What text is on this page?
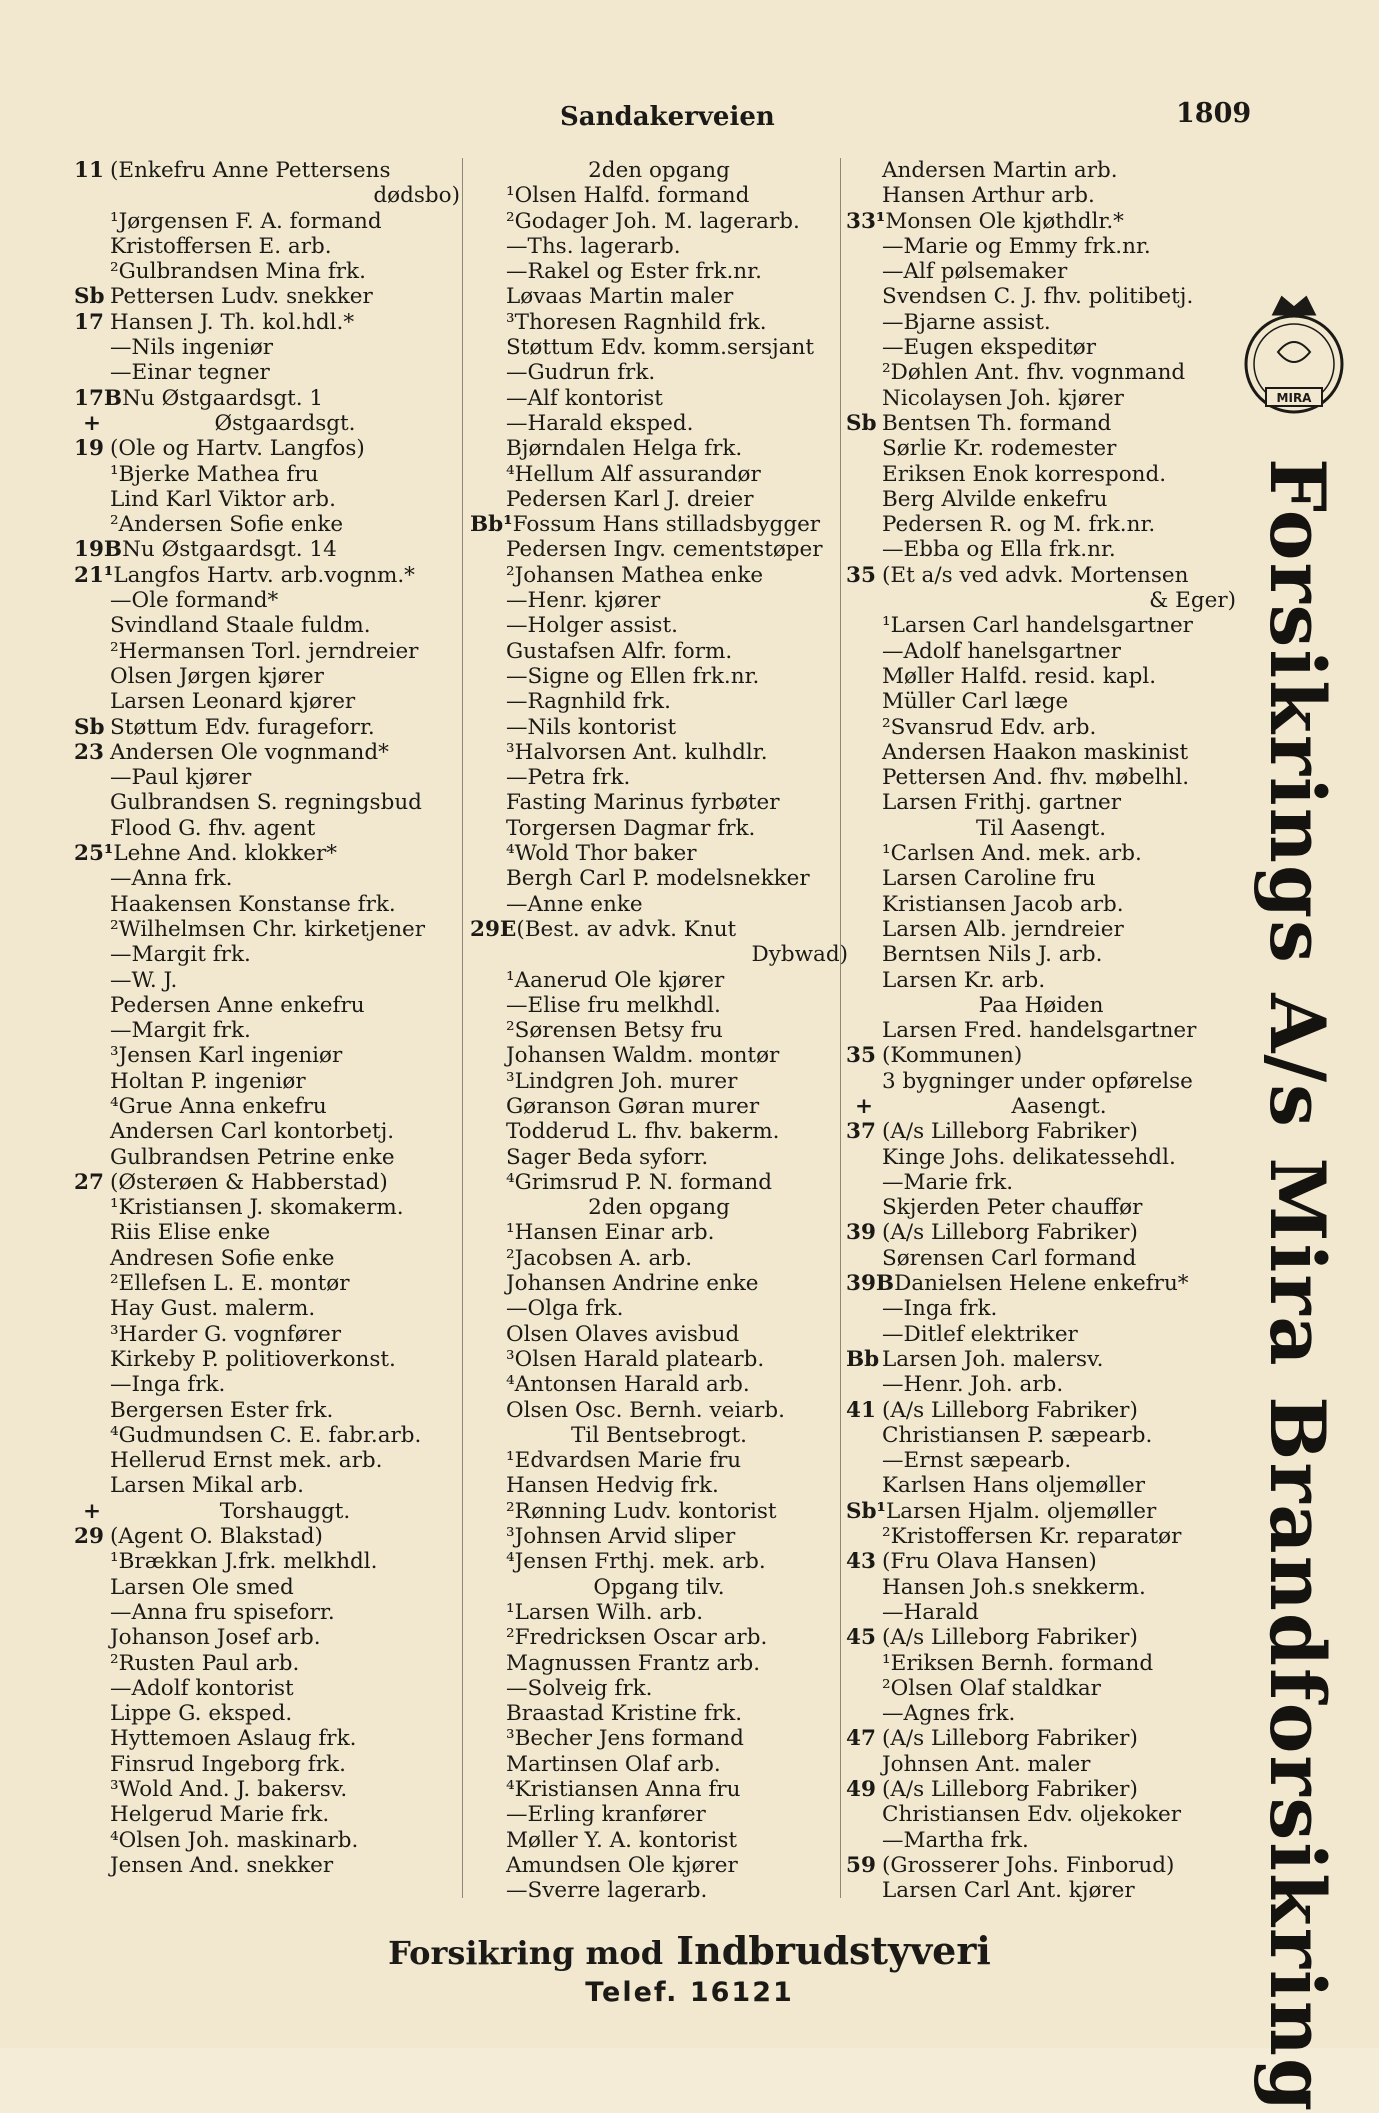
Sandakerveien	1809
11 (Enkefru Anne Pettersens
dødsbo)
¹Jørgensen F. A. formand
Kristoffersen E. arb.
²Gulbrandsen Mina frk.
Sb Pettersen Ludv. snekker
17 Hansen J. Th. kol.hdl.*
—Nils ingeniør
—Einar tegner
17BNu Østgaardsgt. 1
+	Østgaardsgt.
19 (Ole og Hartv. Langfos)
¹Bjerke Mathea fru
Lind Karl Viktor arb.
²Andersen Sofie enke
19BNu Østgaardsgt. 14
21¹Langfos Hartv. arb.vognm.*
—Ole formand*
Svindland Staale fuldm.
²Hermansen Torl. jerndreier
Olsen Jørgen kjører
Larsen Leonard kjører
Sb Støttum Edv. furageforr.
23 Andersen Ole vognmand*
—Paul kjører
Gulbrandsen S. regningsbud
Flood G. fhv. agent
25¹Lehne And. klokker*
—Anna frk.
Haakensen Konstanse frk.
²Wilhelmsen Chr. kirketjener
—Margit frk.
—W. J.
Pedersen Anne enkefru
—Margit frk.
³Jensen Karl ingeniør
Holtan P. ingeniør
⁴Grue Anna enkefru
Andersen Carl kontorbetj.
Gulbrandsen Petrine enke
27 (Østerøen & Habberstad)
¹Kristiansen J. skomakerm.
Riis Elise enke
Andresen Sofie enke
²Ellefsen L. E. montør
Hay Gust. malerm.
³Harder G. vognfører
Kirkeby P. politioverkonst.
—Inga frk.
Bergersen Ester frk.
⁴Gudmundsen C. E. fabr.arb.
Hellerud Ernst mek. arb.
Larsen Mikal arb.
+	Torshauggt.
29 (Agent O. Blakstad)
¹Brækkan J.frk. melkhdl.
Larsen Ole smed
—Anna fru spiseforr.
Johanson Josef arb.
²Rusten Paul arb.
—Adolf kontorist
Lippe G. eksped.
Hyttemoen Aslaug frk.
Finsrud Ingeborg frk.
³Wold And. J. bakersv.
Helgerud Marie frk.
⁴Olsen Joh. maskinarb.
Jensen And. snekker
2den opgang
¹Olsen Halfd. formand
²Godager Joh. M. lagerarb.
—Ths. lagerarb.
—Rakel og Ester frk.nr.
Løvaas Martin maler
³Thoresen Ragnhild frk.
Støttum Edv. komm.sersjant
—Gudrun frk.
—Alf kontorist
—Harald eksped.
Bjørndalen Helga frk.
⁴Hellum Alf assurandør
Pedersen Karl J. dreier
Bb¹Fossum Hans stilladsbygger
Pedersen Ingv. cementstøper
²Johansen Mathea enke
—Henr. kjører
—Holger assist.
Gustafsen Alfr. form.
—Signe og Ellen frk.nr.
—Ragnhild frk.
—Nils kontorist
³Halvorsen Ant. kulhdlr.
—Petra frk.
Fasting Marinus fyrbøter
Torgersen Dagmar frk.
⁴Wold Thor baker
Bergh Carl P. modelsnekker
—Anne enke
29E(Best. av advk. Knut
Dybwad)
¹Aanerud Ole kjører
—Elise fru melkhdl.
²Sørensen Betsy fru
Johansen Waldm. montør
³Lindgren Joh. murer
Gøranson Gøran murer
Todderud L. fhv. bakerm.
Sager Beda syforr.
⁴Grimsrud P. N. formand
2den opgang
¹Hansen Einar arb.
²Jacobsen A. arb.
Johansen Andrine enke
—Olga frk.
Olsen Olaves avisbud
³Olsen Harald platearb.
⁴Antonsen Harald arb.
Olsen Osc. Bernh. veiarb.
Til Bentsebrogt.
¹Edvardsen Marie fru
Hansen Hedvig frk.
²Rønning Ludv. kontorist
³Johnsen Arvid sliper
⁴Jensen Frthj. mek. arb.
Opgang tilv.
¹Larsen Wilh. arb.
²Fredricksen Oscar arb.
Magnussen Frantz arb.
—Solveig frk.
Braastad Kristine frk.
³Becher Jens formand
Martinsen Olaf arb.
⁴Kristiansen Anna fru
—Erling kranfører
Møller Y. A. kontorist
Amundsen Ole kjører
—Sverre lagerarb.
Andersen Martin arb.
Hansen Arthur arb.
33¹Monsen Ole kjøthdlr.*
—Marie og Emmy frk.nr.
—Alf pølsemaker
Svendsen C. J. fhv. politibetj.
—Bjarne assist.
—Eugen ekspeditør
²Døhlen Ant. fhv. vognmand
Nicolaysen Joh. kjører
Sb Bentsen Th. formand
Sørlie Kr. rodemester
Eriksen Enok korrespond.
Berg Alvilde enkefru
Pedersen R. og M. frk.nr.
—Ebba og Ella frk.nr.
35 (Et a/s ved advk. Mortensen
& Eger)
¹Larsen Carl handelsgartner
—Adolf hanelsgartner
Møller Halfd. resid. kapl.
Müller Carl læge
²Svansrud Edv. arb.
Andersen Haakon maskinist
Pettersen And. fhv. møbelhl.
Larsen Frithj. gartner
Til Aasengt.
¹Carlsen And. mek. arb.
Larsen Caroline fru
Kristiansen Jacob arb.
Larsen Alb. jerndreier
Berntsen Nils J. arb.
Larsen Kr. arb.
Paa Høiden
Larsen Fred. handelsgartner
35 (Kommunen)
3 bygninger under opførelse
+	Aasengt.
37 (A/s Lilleborg Fabriker)
Kinge Johs. delikatessehdl.
—Marie frk.
Skjerden Peter chauffør
39 (A/s Lilleborg Fabriker)
Sørensen Carl formand
39BDanielsen Helene enkefru*
—Inga frk.
—Ditlef elektriker
Bb Larsen Joh. malersv.
—Henr. Joh. arb.
41 (A/s Lilleborg Fabriker)
Christiansen P. sæpearb.
—Ernst sæpearb.
Karlsen Hans oljemøller
Sb¹Larsen Hjalm. oljemøller
²Kristoffersen Kr. reparatør
43 (Fru Olava Hansen)
Hansen Joh.s snekkerm.
—Harald
45 (A/s Lilleborg Fabriker)
¹Eriksen Bernh. formand
²Olsen Olaf staldkar
—Agnes frk.
47 (A/s Lilleborg Fabriker)
Johnsen Ant. maler
49 (A/s Lilleborg Fabriker)
Christiansen Edv. oljekoker
—Martha frk.
59 (Grosserer Johs. Finborud)
Larsen Carl Ant. kjører
MIRA
Forsikrings A/s Mira Brandforsikring
Forsikring mod Indbrudstyveri
Telef. 16121
